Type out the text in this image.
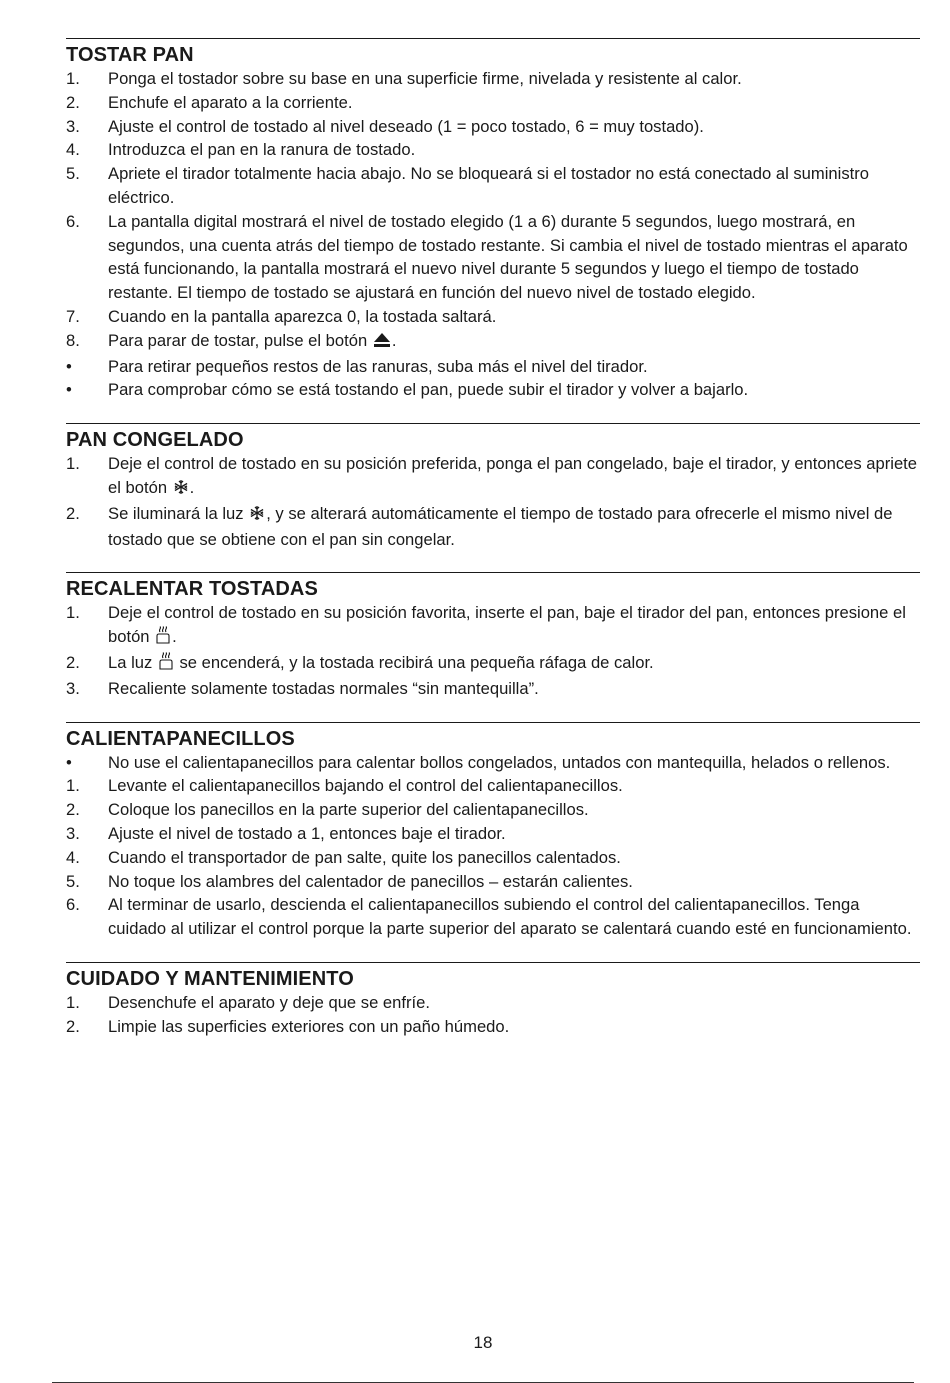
TOSTAR PAN
1.	Ponga el tostador sobre su base en una superficie firme, nivelada y resistente al calor.
2.	Enchufe el aparato a la corriente.
3.	Ajuste el control de tostado al nivel deseado (1 = poco tostado, 6 = muy tostado).
4.	Introduzca el pan en la ranura de tostado.
5.	Apriete el tirador totalmente hacia abajo. No se bloqueará si el tostador no está conectado al suministro eléctrico.
6.	La pantalla digital mostrará el nivel de tostado elegido (1 a 6) durante 5 segundos, luego mostrará, en segundos, una cuenta atrás del tiempo de tostado restante. Si cambia el nivel de tostado mientras el aparato está funcionando, la pantalla mostrará el nuevo nivel durante 5 segundos y luego el tiempo de tostado restante. El tiempo de tostado se ajustará en función del nuevo nivel de tostado elegido.
7.	Cuando en la pantalla aparezca 0, la tostada saltará.
8.	Para parar de tostar, pulse el botón .
•	Para retirar pequeños restos de las ranuras, suba más el nivel del tirador.
•	Para comprobar cómo se está tostando el pan, puede subir el tirador y volver a bajarlo.
PAN CONGELADO
1.	Deje el control de tostado en su posición preferida, ponga el pan congelado, baje el tirador, y entonces apriete el botón .
2.	Se iluminará la luz , y se alterará automáticamente el tiempo de tostado para ofrecerle el mismo nivel de tostado que se obtiene con el pan sin congelar.
RECALENTAR TOSTADAS
1.	Deje el control de tostado en su posición favorita, inserte el pan, baje el tirador del pan, entonces presione el botón .
2.	La luz  se encenderá, y la tostada recibirá una pequeña ráfaga de calor.
3.	Recaliente solamente tostadas normales “sin mantequilla”.
CALIENTAPANECILLOS
•	No use el calientapanecillos para calentar bollos congelados, untados con mantequilla, helados o rellenos.
1.	Levante el calientapanecillos bajando el control del calientapanecillos.
2.	Coloque los panecillos en la parte superior del calientapanecillos.
3.	Ajuste el nivel de tostado a 1, entonces baje el tirador.
4.	Cuando el transportador de pan salte, quite los panecillos calentados.
5.	No toque los alambres del calentador de panecillos – estarán calientes.
6.	Al terminar de usarlo, descienda el calientapanecillos subiendo el control del calientapanecillos. Tenga cuidado al utilizar el control porque la parte superior del aparato se calentará cuando esté en funcionamiento.
CUIDADO Y MANTENIMIENTO
1.	Desenchufe el aparato y deje que se enfríe.
2.	Limpie las superficies exteriores con un paño húmedo.
18
